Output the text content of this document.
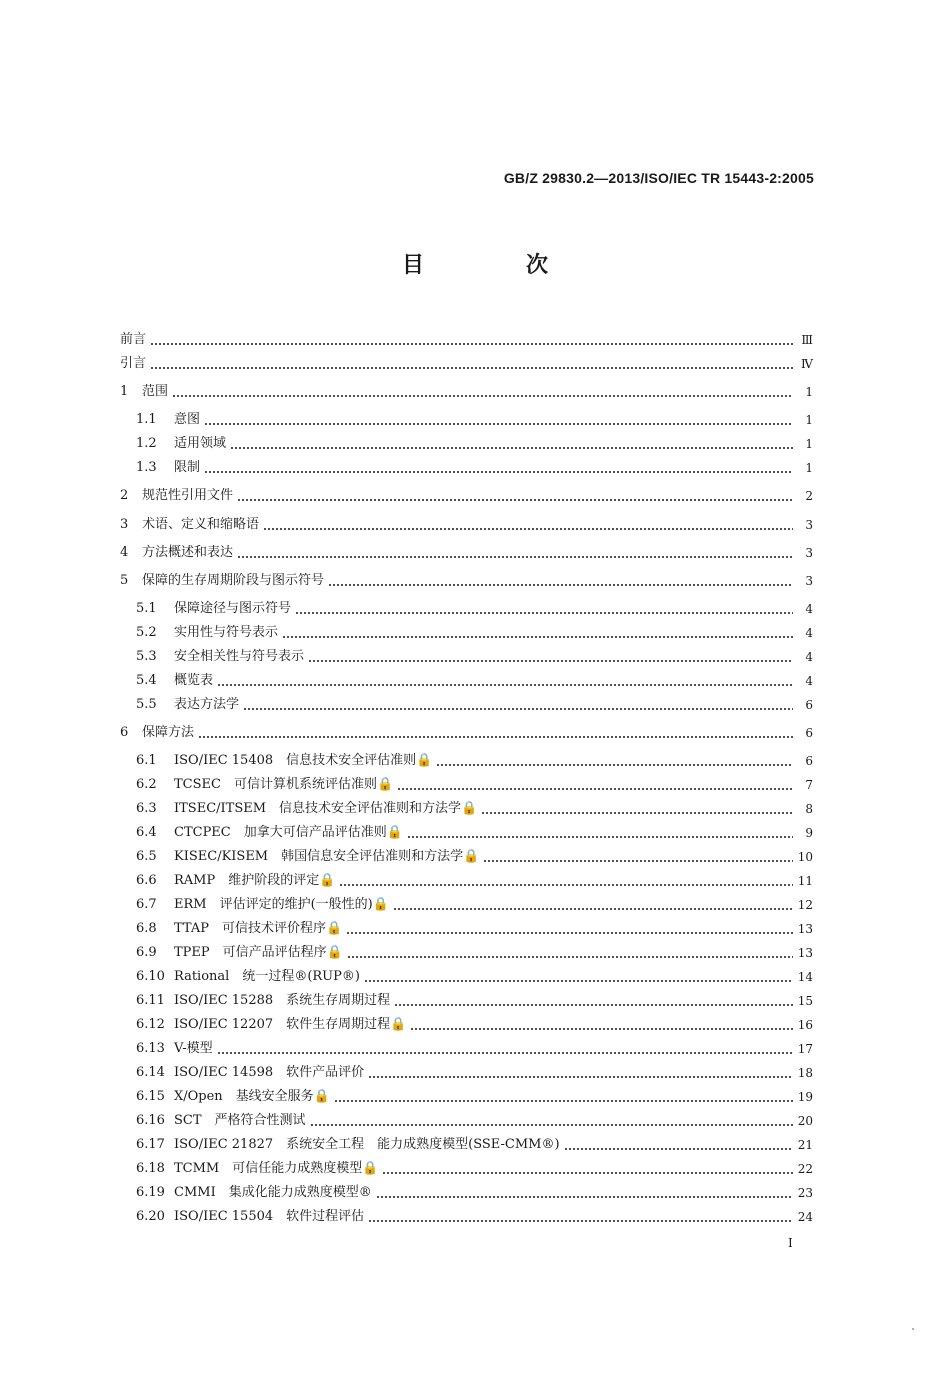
GB/Z 29830.2—2013/ISO/IEC TR 15443-2:2005
目　次
前言	Ⅲ
引言	Ⅳ
1	范围	1
1.1	意图	1
1.2	适用领域	1
1.3	限制	1
2	规范性引用文件	2
3	术语、定义和缩略语	3
4	方法概述和表达	3
5	保障的生存周期阶段与图示符号	3
5.1	保障途径与图示符号	4
5.2	实用性与符号表示	4
5.3	安全相关性与符号表示	4
5.4	概览表	4
5.5	表达方法学	6
6	保障方法	6
6.1	ISO/IEC 15408　信息技术安全评估准则🔒	6
6.2	TCSEC　可信计算机系统评估准则🔒	7
6.3	ITSEC/ITSEM　信息技术安全评估准则和方法学🔒	8
6.4	CTCPEC　加拿大可信产品评估准则🔒	9
6.5	KISEC/KISEM　韩国信息安全评估准则和方法学🔒	10
6.6	RAMP　维护阶段的评定🔒	11
6.7	ERM　评估评定的维护(一般性的)🔒	12
6.8	TTAP　可信技术评价程序🔒	13
6.9	TPEP　可信产品评估程序🔒	13
6.10 Rational　统一过程®(RUP®)	14
6.11 ISO/IEC 15288　系统生存周期过程	15
6.12 ISO/IEC 12207　软件生存周期过程🔒	16
6.13 V-模型	17
6.14 ISO/IEC 14598　软件产品评价	18
6.15 X/Open　基线安全服务🔒	19
6.16 SCT　严格符合性测试	20
6.17 ISO/IEC 21827　系统安全工程　能力成熟度模型(SSE-CMM®)	21
6.18 TCMM　可信任能力成熟度模型🔒	22
6.19 CMMI　集成化能力成熟度模型®	23
6.20 ISO/IEC 15504　软件过程评估	24
I
